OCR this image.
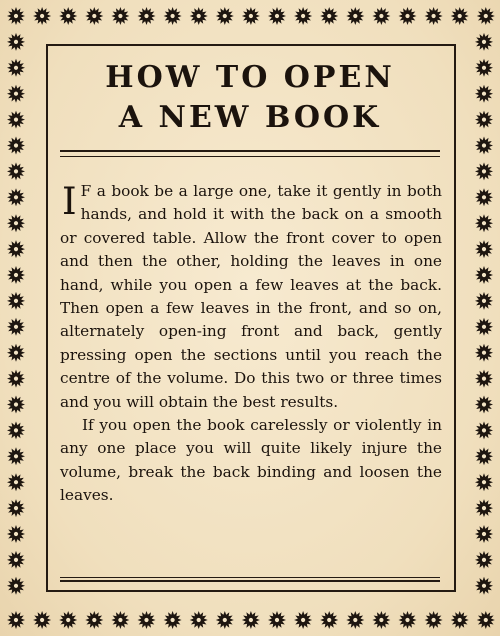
HOW TO OPEN
A NEW BOOK

I F a book be a large one, take it gently in both hands, and hold it with the back on a smooth or covered table. Allow the front cover to open and then the other, holding the leaves in one hand, while you open a few leaves at the back. Then open a few leaves in the front, and so on, alternately open-ing front and back, gently pressing open the sections until you reach the centre of the volume. Do this two or three times and you will obtain the best results.

If you open the book carelessly or violently in any one place you will quite likely injure the volume, break the back binding and loosen the leaves.
